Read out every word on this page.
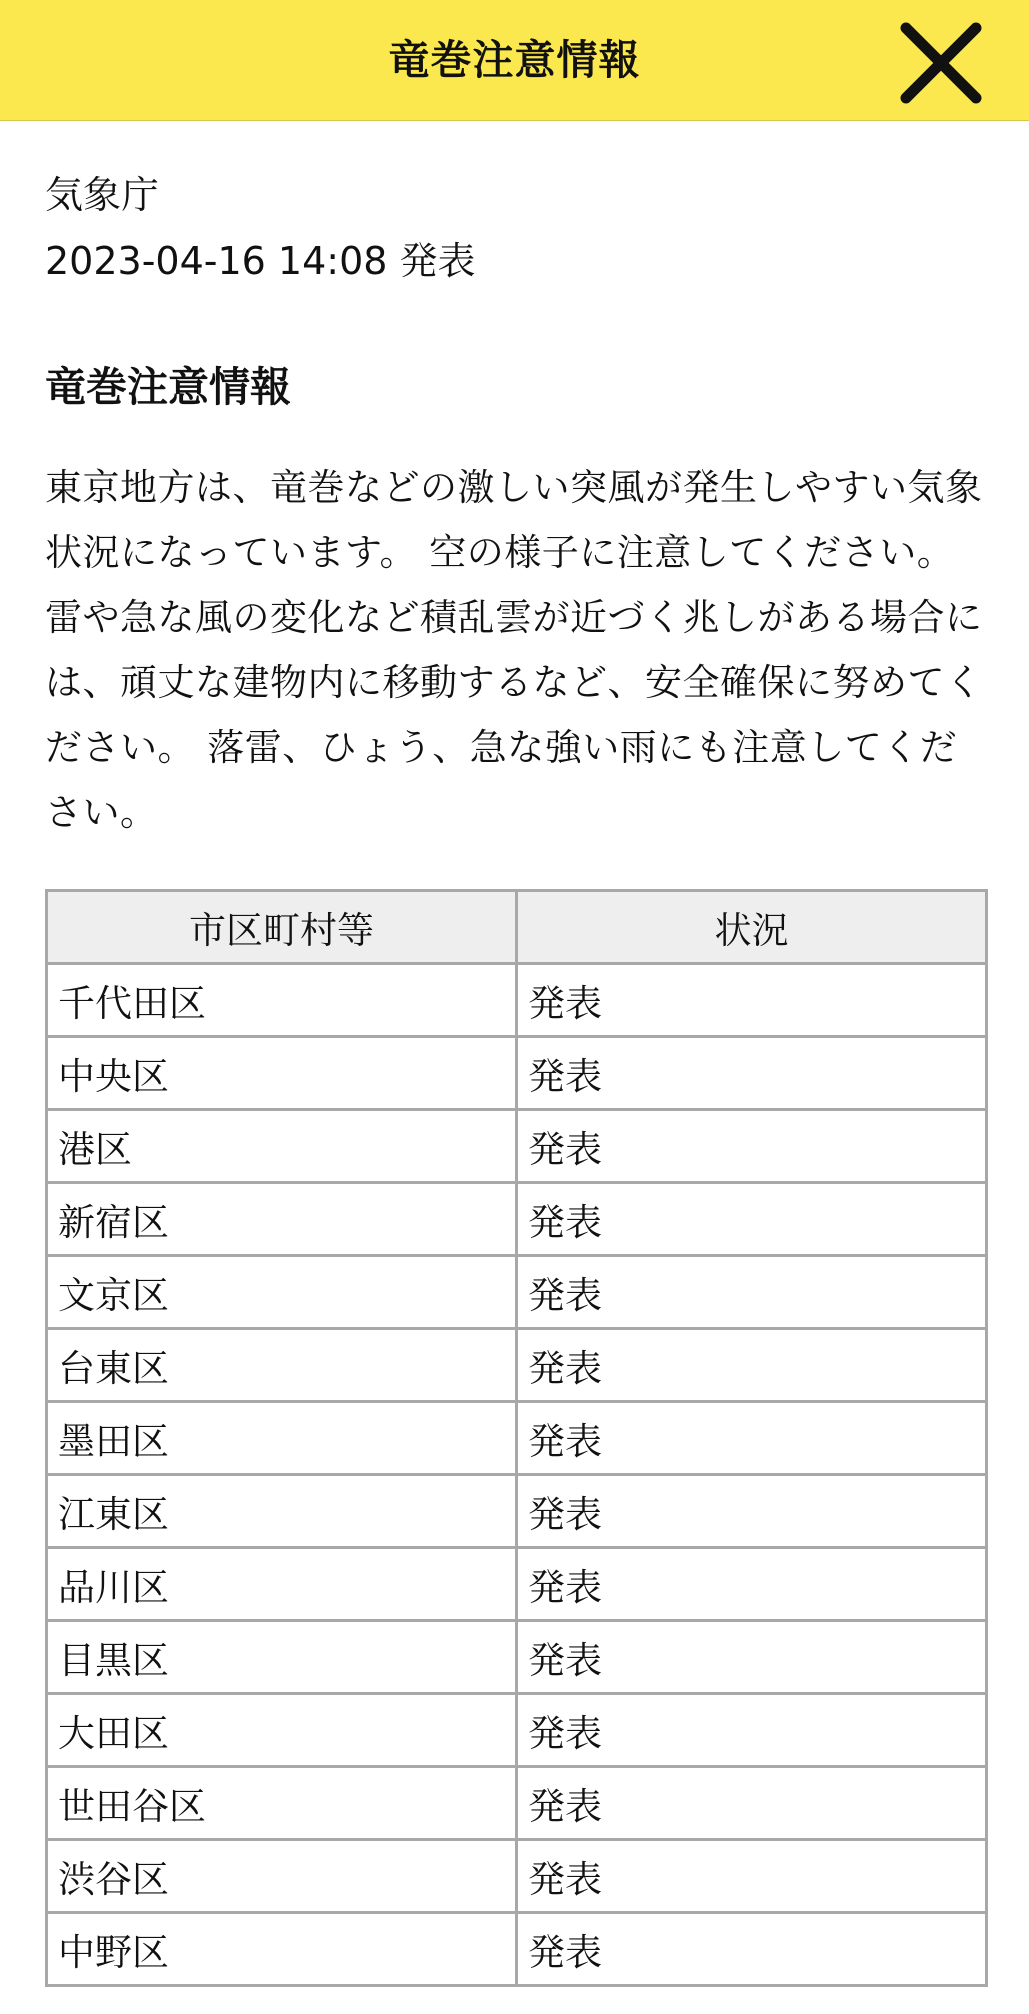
竜巻注意情報
気象庁
2023-04-16 14:08 発表
竜巻注意情報
東京地方は、竜巻などの激しい突風が発生しやすい気象状況になっています。 空の様子に注意してください。 雷や急な風の変化など積乱雲が近づく兆しがある場合には、頑丈な建物内に移動するなど、安全確保に努めてください。 落雷、ひょう、急な強い雨にも注意してください。
市区町村等	状況
千代田区	発表
中央区	発表
港区	発表
新宿区	発表
文京区	発表
台東区	発表
墨田区	発表
江東区	発表
品川区	発表
目黒区	発表
大田区	発表
世田谷区	発表
渋谷区	発表
中野区	発表
